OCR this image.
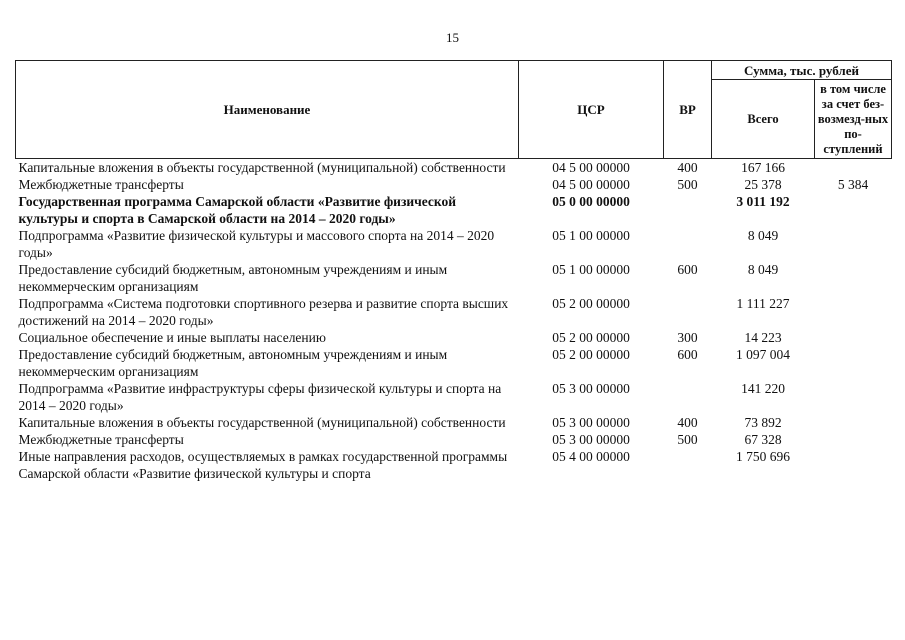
15
Наименование	ЦСР	ВР	Сумма, тыс. рублей	
			Всего	в том числе за счет без-возмезд-ных по-ступлений
Капитальные вложения в объекты государственной (муниципальной) собственности	04 5 00 00000	400	167 166	
Межбюджетные трансферты	04 5 00 00000	500	25 378	5 384
Государственная программа Самарской области «Развитие физической культуры и спорта в Самарской области на 2014 – 2020 годы»	05 0 00 00000		3 011 192	
Подпрограмма «Развитие физической культуры и массового спорта на 2014 – 2020 годы»	05 1 00 00000		8 049	
Предоставление субсидий бюджетным, автономным учреждениям и иным некоммерческим организациям	05 1 00 00000	600	8 049	
Подпрограмма «Система подготовки спортивного резерва и развитие спорта высших достижений на 2014 – 2020 годы»	05 2 00 00000		1 111 227	
Социальное обеспечение и иные выплаты населению	05 2 00 00000	300	14 223	
Предоставление субсидий бюджетным, автономным учреждениям и иным некоммерческим организациям	05 2 00 00000	600	1 097 004	
Подпрограмма «Развитие инфраструктуры сферы физической культуры и спорта на 2014 – 2020 годы»	05 3 00 00000		141 220	
Капитальные вложения в объекты государственной (муниципальной) собственности	05 3 00 00000	400	73 892	
Межбюджетные трансферты	05 3 00 00000	500	67 328	
Иные направления расходов, осуществляемых в рамках государственной программы Самарской области «Развитие физической культуры и спорта	05 4 00 00000		1 750 696	
